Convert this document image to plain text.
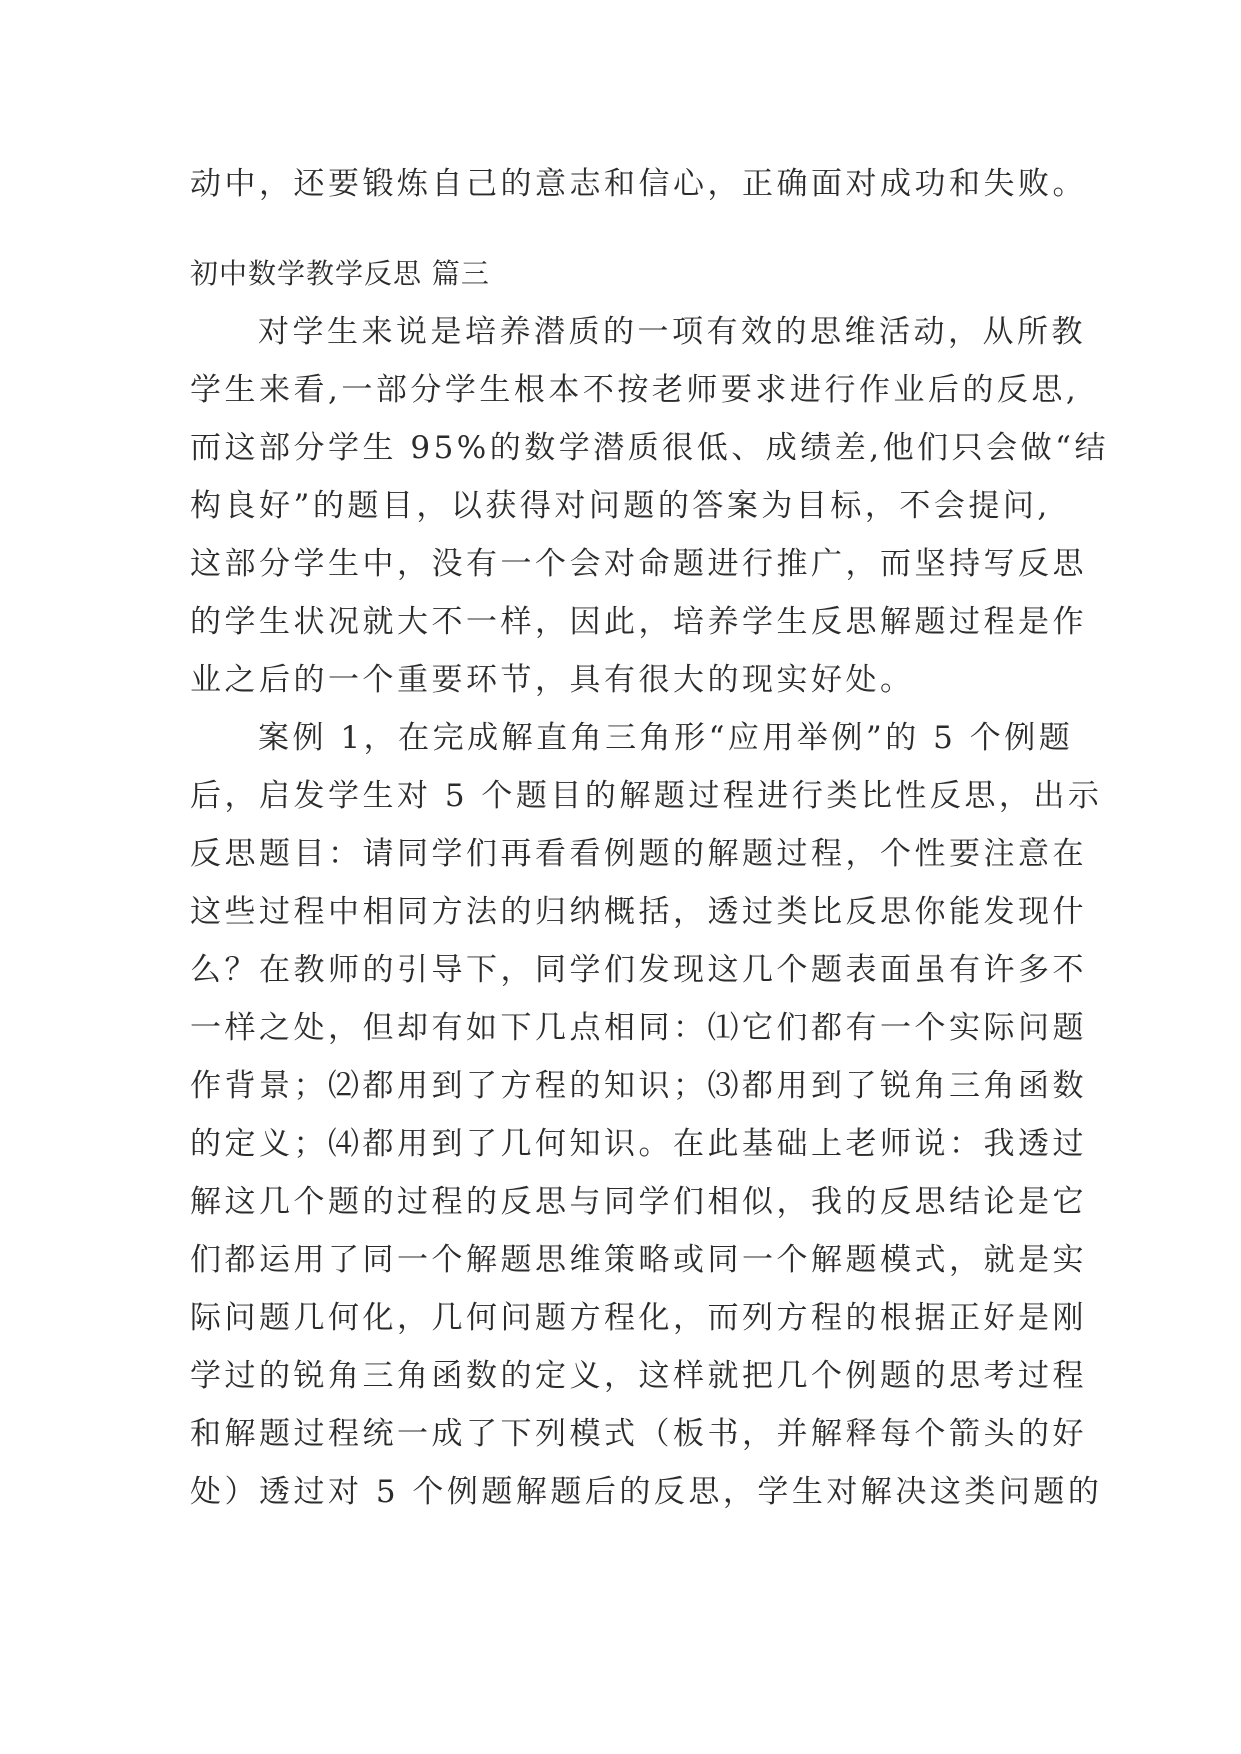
动中，还要锻炼自己的意志和信心，正确面对成功和失败。
初中数学教学反思 篇三
对学生来说是培养潜质的一项有效的思维活动，从所教
学生来看,一部分学生根本不按老师要求进行作业后的反思,
而这部分学生 95%的数学潜质很低、成绩差,他们只会做“结
构良好”的题目，以获得对问题的答案为目标，不会提问,
这部分学生中，没有一个会对命题进行推广，而坚持写反思
的学生状况就大不一样，因此，培养学生反思解题过程是作
业之后的一个重要环节，具有很大的现实好处。
案例 1，在完成解直角三角形“应用举例”的 5 个例题
后，启发学生对 5 个题目的解题过程进行类比性反思，出示
反思题目：请同学们再看看例题的解题过程，个性要注意在
这些过程中相同方法的归纳概括，透过类比反思你能发现什
么？在教师的引导下，同学们发现这几个题表面虽有许多不
一样之处，但却有如下几点相同：⑴它们都有一个实际问题
作背景；⑵都用到了方程的知识；⑶都用到了锐角三角函数
的定义；⑷都用到了几何知识。在此基础上老师说：我透过
解这几个题的过程的反思与同学们相似，我的反思结论是它
们都运用了同一个解题思维策略或同一个解题模式，就是实
际问题几何化，几何问题方程化，而列方程的根据正好是刚
学过的锐角三角函数的定义，这样就把几个例题的思考过程
和解题过程统一成了下列模式（板书，并解释每个箭头的好
处）透过对 5 个例题解题后的反思，学生对解决这类问题的
